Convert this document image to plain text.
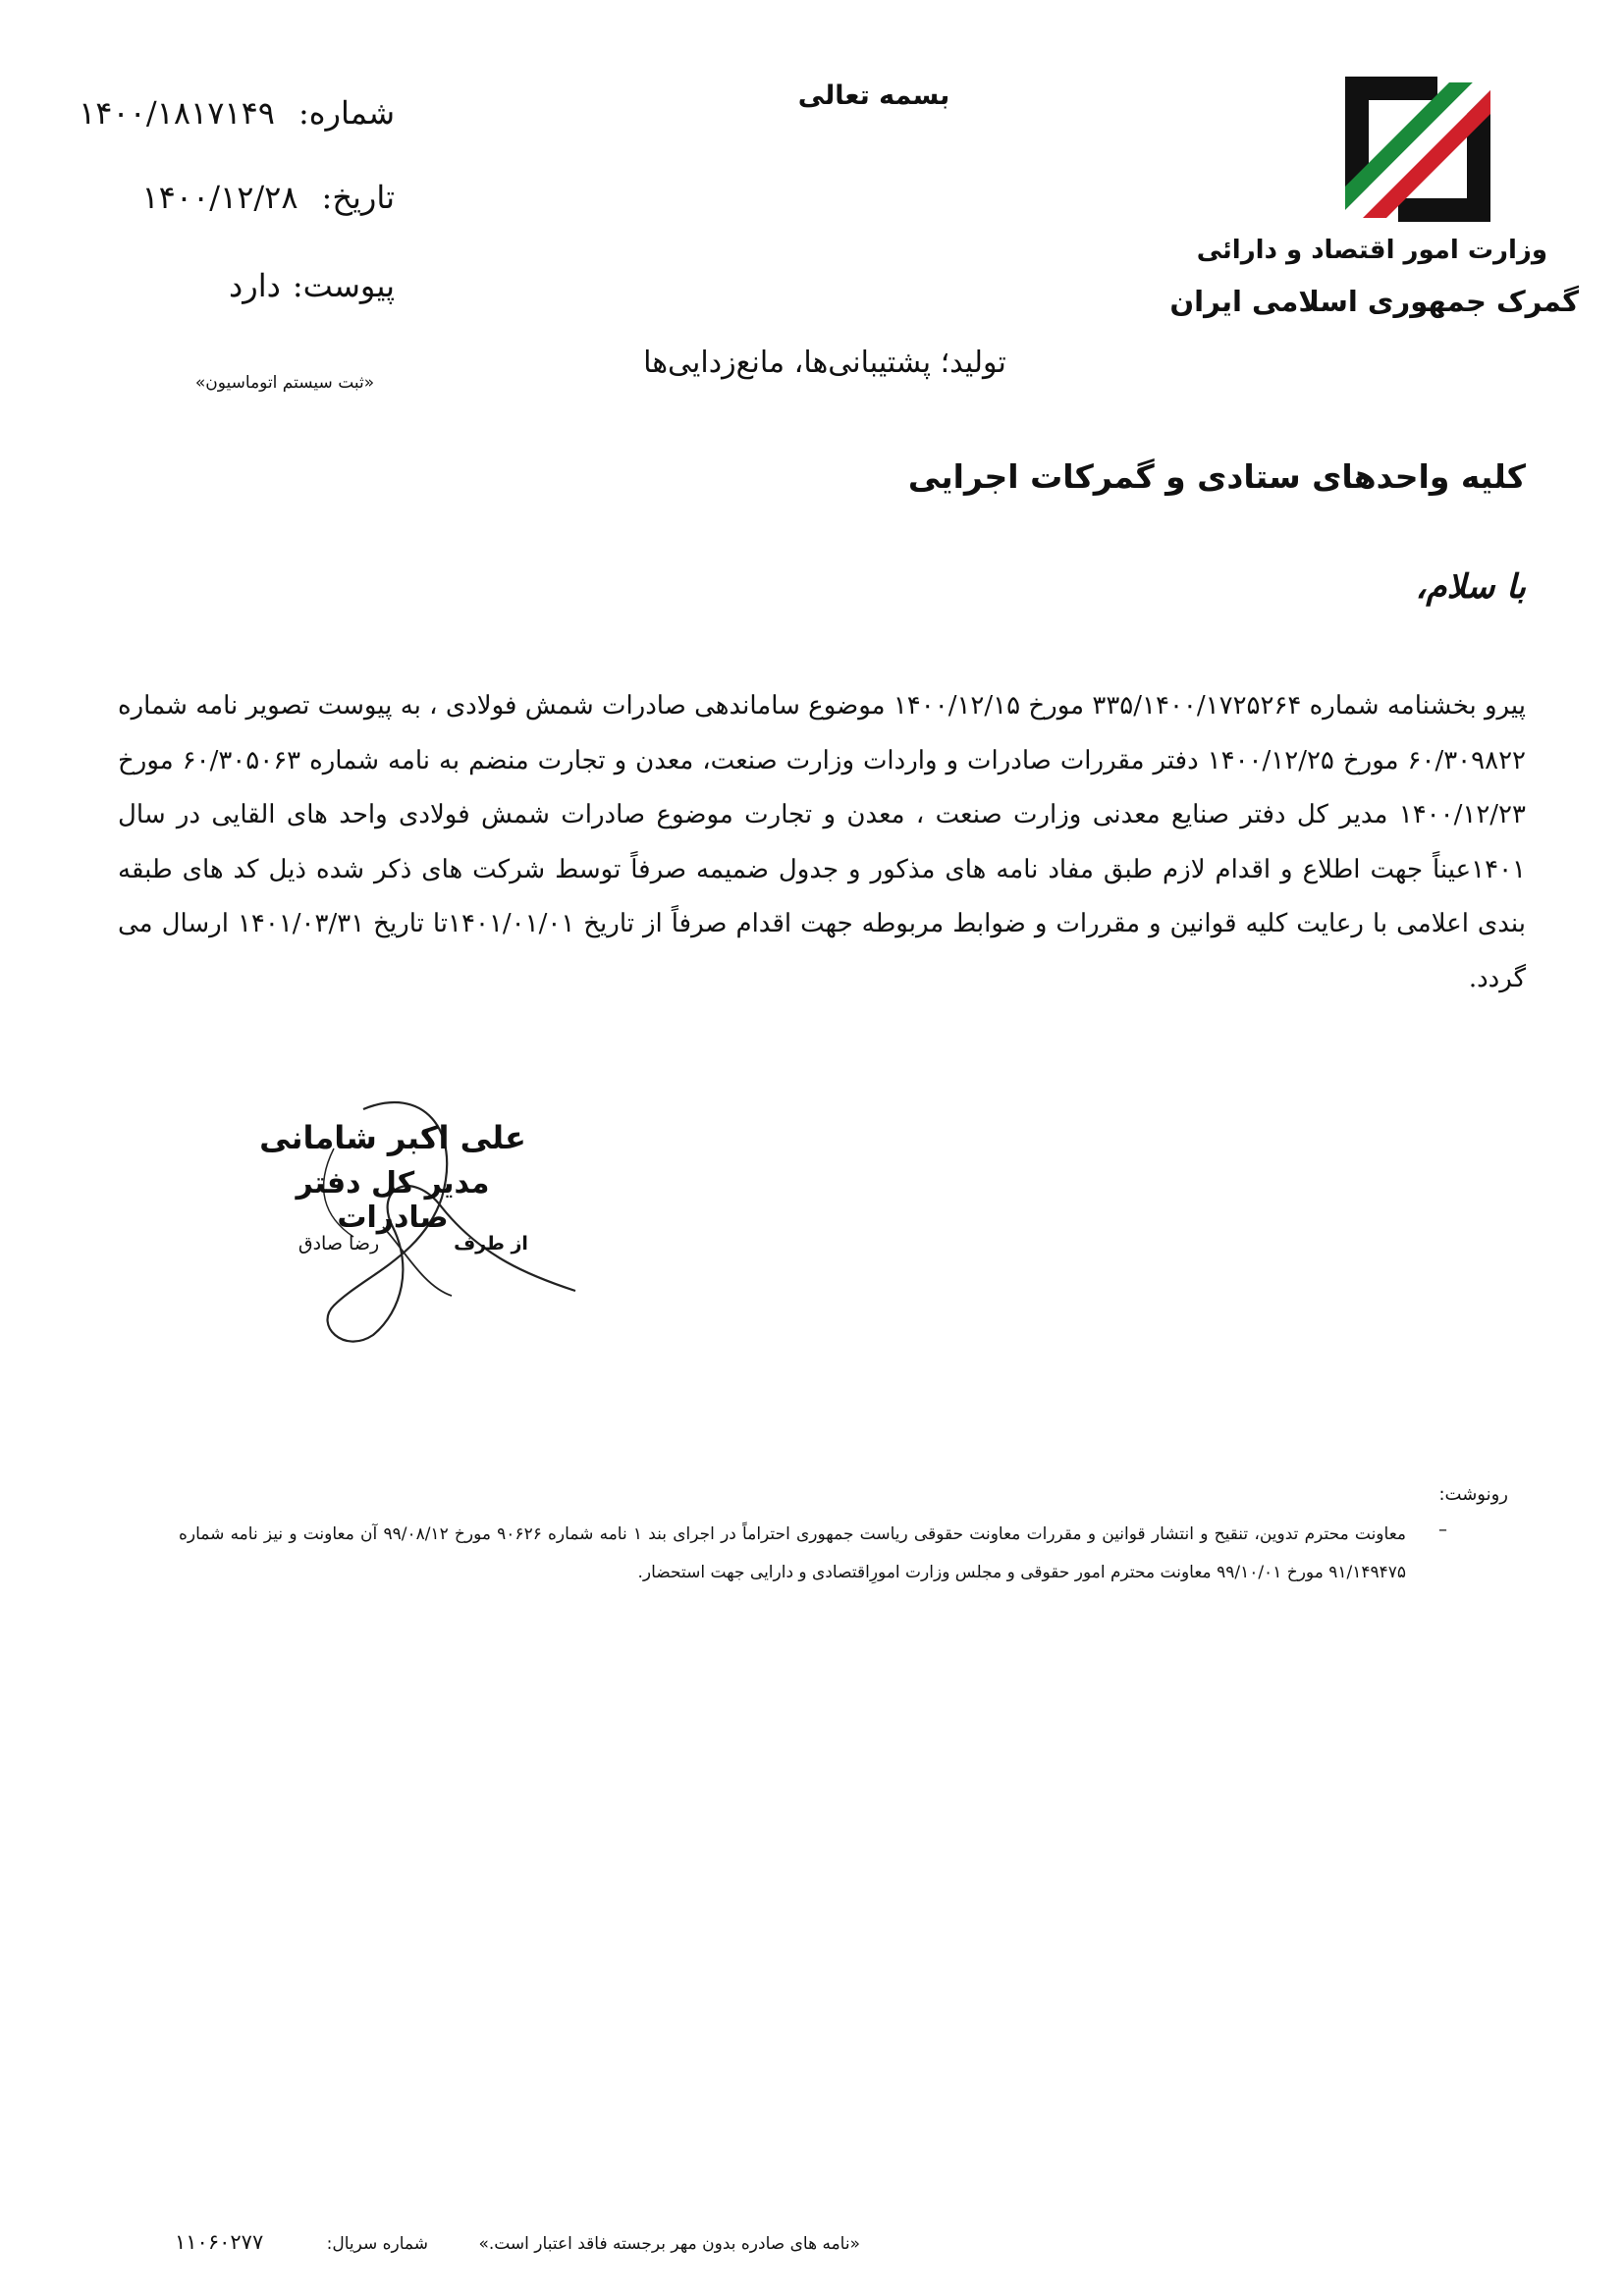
بسمه تعالی
شماره:۱۴۰۰/۱۸۱۷۱۴۹
تاریخ:۱۴۰۰/۱۲/۲۸
پیوست:دارد
«ثبت سیستم اتوماسیون»
تولید؛ پشتیبانی‌ها، مانع‌زدایی‌ها
وزارت امور اقتصاد و دارائی
گمرک جمهوری اسلامی ایران
کلیه واحدهای ستادی و گمرکات اجرایی
با سلام،
پیرو بخشنامه شماره ۳۳۵/۱۴۰۰/۱۷۲۵۲۶۴ مورخ ۱۴۰۰/۱۲/۱۵ موضوع ساماندهی صادرات شمش فولادی ، به پیوست تصویر نامه شماره ۶۰/۳۰۹۸۲۲ مورخ ۱۴۰۰/۱۲/۲۵ دفتر مقررات صادرات و واردات وزارت صنعت، معدن و تجارت منضم به نامه شماره ۶۰/۳۰۵۰۶۳ مورخ ۱۴۰۰/۱۲/۲۳ مدیر کل دفتر صنایع معدنی وزارت صنعت ، معدن و تجارت موضوع صادرات شمش فولادی واحد های القایی در سال ۱۴۰۱عیناً جهت اطلاع و اقدام لازم طبق مفاد نامه های مذکور و جدول ضمیمه صرفاً توسط شرکت های ذکر شده ذیل کد های طبقه بندی اعلامی با رعایت کلیه قوانین و مقررات و ضوابط مربوطه جهت اقدام صرفاً از تاریخ ۱۴۰۱/۰۱/۰۱تا تاریخ ۱۴۰۱/۰۳/۳۱ ارسال می گردد.
علی اکبر شامانی
مدیر کل دفتر صادرات
از طرف
رضا صادق
رونوشت:
–
معاونت محترم تدوین، تنقیح و انتشار قوانین و مقررات معاونت حقوقی ریاست جمهوری احتراماً در اجرای بند ۱ نامه شماره ۹۰۶۲۶ مورخ ۹۹/۰۸/۱۲ آن معاونت و نیز نامه شماره ۹۱/۱۴۹۴۷۵ مورخ ۹۹/۱۰/۰۱ معاونت محترم امور حقوقی و مجلس وزارت امورِاقتصادی و دارایی جهت استحضار.
«نامه های صادره بدون مهر برجسته فاقد اعتبار است.»
شماره سریال:
۱۱۰۶۰۲۷۷
